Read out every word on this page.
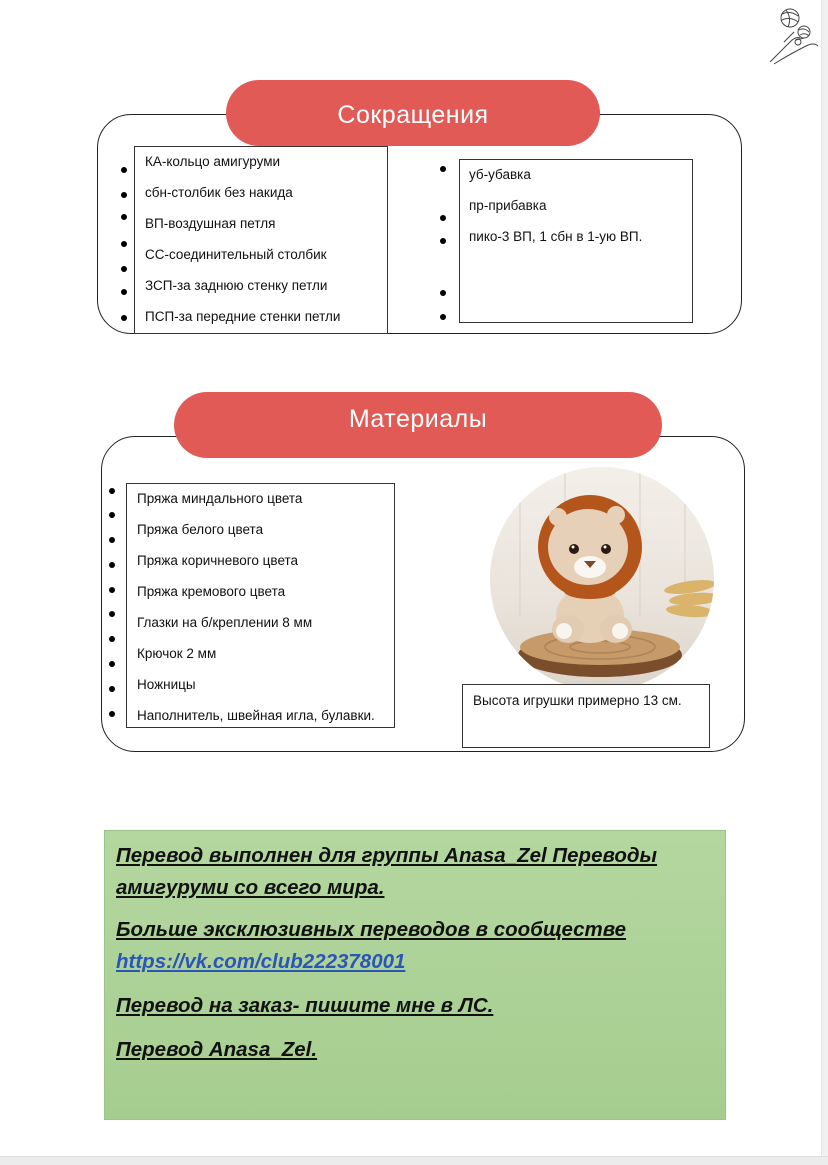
Сокращения
КА-кольцо амигуруми
сбн-столбик без накида
ВП-воздушная петля
СС-соединительный столбик
ЗСП-за заднюю стенку петли
ПСП-за передние стенки петли
уб-убавка
пр-прибавка
пико-3 ВП, 1 сбн в 1-ую ВП.
Материалы
Пряжа миндального цвета
Пряжа белого цвета
Пряжа коричневого цвета
Пряжа кремового цвета
Глазки на б/креплении 8 мм
Крючок 2 мм
Ножницы
Наполнитель, швейная игла, булавки.
Высота игрушки примерно 13 см.
Перевод выполнен для группы Anasa_Zel Переводы
амигуруми со всего мира.
Больше эксклюзивных переводов в сообществе
https://vk.com/club222378001
Перевод на заказ- пишите мне в ЛС.
Перевод Anasa_Zel.
